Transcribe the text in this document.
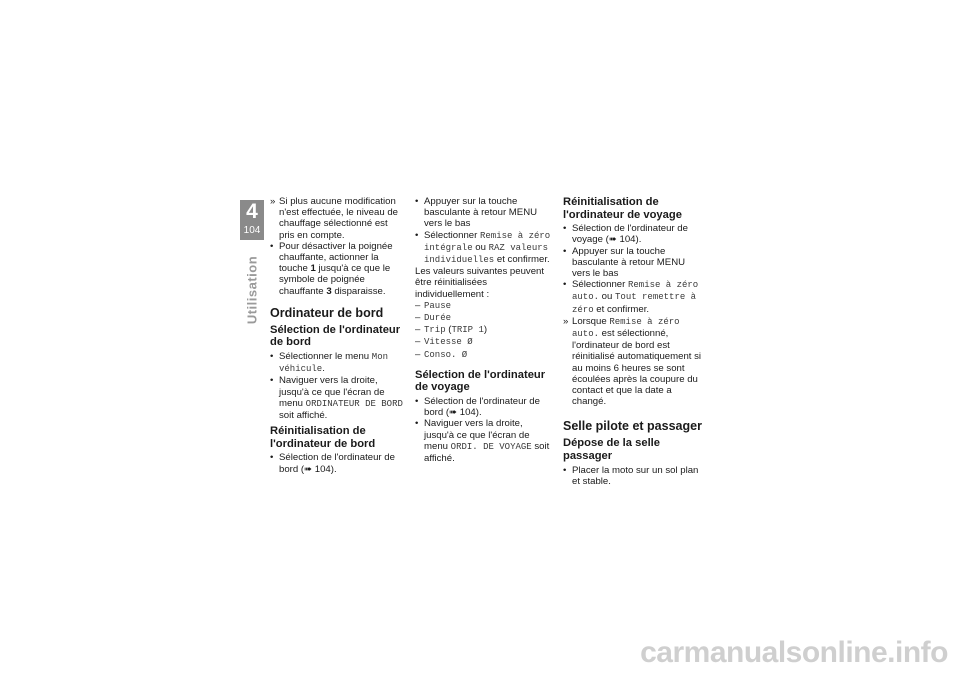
4
104
Utilisation

» Si plus aucune modification n'est effectuée, le niveau de chauffage sélectionné est pris en compte.

• Pour désactiver la poignée chauffante, actionner la touche 1 jusqu'à ce que le symbole de poignée chauffante 3 disparaisse.

Ordinateur de bord
Sélection de l'ordinateur de bord

• Sélectionner le menu Mon véhicule.

• Naviguer vers la droite, jusqu'à ce que l'écran de menu ORDINATEUR DE BORD soit affiché.

Réinitialisation de l'ordinateur de bord

• Sélection de l'ordinateur de bord (➠ 104).

• Appuyer sur la touche basculante à retour MENU vers le bas

• Sélectionner Remise à zéro intégrale ou RAZ valeurs individuelles et confirmer.

Les valeurs suivantes peuvent être réinitialisées individuellement :

– Pause
– Durée
– Trip (TRIP 1)
– Vitesse Ø
– Conso. Ø
Sélection de l'ordinateur de voyage

• Sélection de l'ordinateur de bord (➠ 104).

• Naviguer vers la droite, jusqu'à ce que l'écran de menu ORDI. DE VOYAGE soit affiché.

Réinitialisation de l'ordinateur de voyage

• Sélection de l'ordinateur de voyage (➠ 104).

• Appuyer sur la touche basculante à retour MENU vers le bas

• Sélectionner Remise à zéro auto. ou Tout remettre à zéro et confirmer.

» Lorsque Remise à zéro auto. est sélectionné, l'ordinateur de bord est réinitialisé automatiquement si au moins 6 heures se sont écoulées après la coupure du contact et que la date a changé.

Selle pilote et passager
Dépose de la selle passager

• Placer la moto sur un sol plan et stable.

carmanualsonline.info
